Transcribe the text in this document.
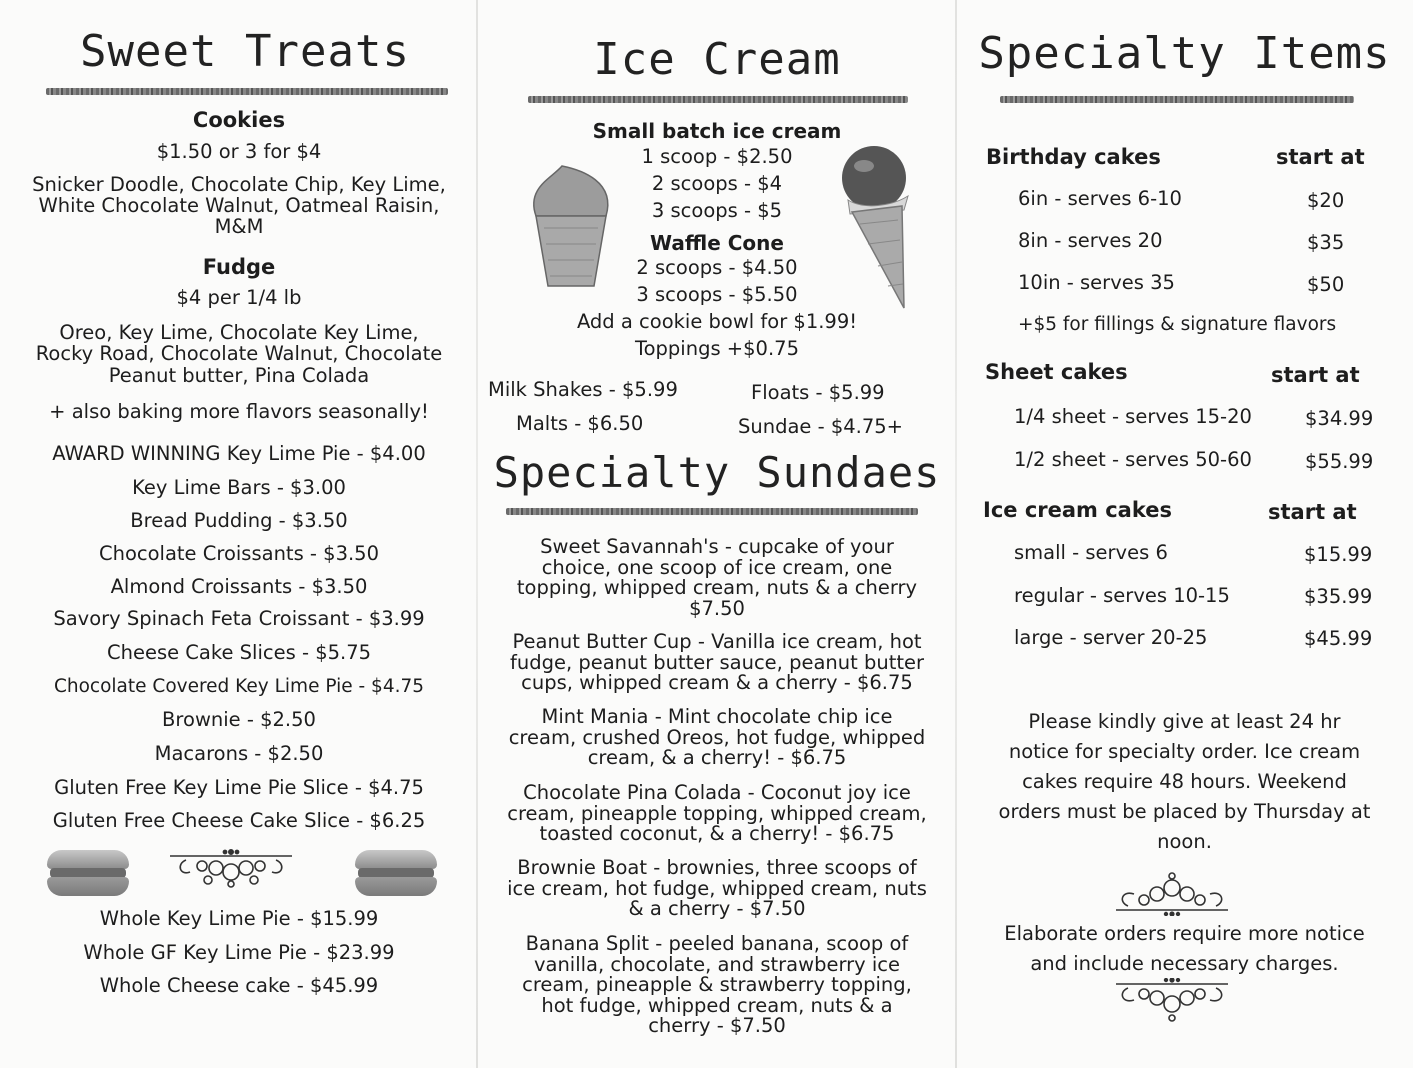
Sweet Treats
Cookies
$1.50 or 3 for $4
Snicker Doodle, Chocolate Chip, Key Lime,
White Chocolate Walnut, Oatmeal Raisin,
M&M
Fudge
$4 per 1/4 lb
Oreo, Key Lime, Chocolate Key Lime,
Rocky Road, Chocolate Walnut, Chocolate
Peanut butter, Pina Colada
+ also baking more flavors seasonally!
AWARD WINNING Key Lime Pie - $4.00
Key Lime Bars - $3.00
Bread Pudding - $3.50
Chocolate Croissants - $3.50
Almond Croissants - $3.50
Savory Spinach Feta Croissant - $3.99
Cheese Cake Slices - $5.75
Chocolate Covered Key Lime Pie - $4.75
Brownie - $2.50
Macarons - $2.50
Gluten Free Key Lime Pie Slice - $4.75
Gluten Free Cheese Cake Slice - $6.25
Whole Key Lime Pie - $15.99
Whole GF Key Lime Pie - $23.99
Whole Cheese cake - $45.99
Ice Cream
Small batch ice cream
1 scoop - $2.50
2 scoops - $4
3 scoops - $5
Waffle Cone
2 scoops - $4.50
3 scoops - $5.50
Add a cookie bowl for $1.99!
Toppings +$0.75
Milk Shakes - $5.99	Floats - $5.99
Malts - $6.50	Sundae - $4.75+
Specialty Sundaes
Sweet Savannah's - cupcake of your
choice, one scoop of ice cream, one
topping, whipped cream, nuts & a cherry
$7.50
Peanut Butter Cup - Vanilla ice cream, hot
fudge, peanut butter sauce, peanut butter
cups, whipped cream & a cherry - $6.75
Mint Mania - Mint chocolate chip ice
cream, crushed Oreos, hot fudge, whipped
cream, & a cherry! - $6.75
Chocolate Pina Colada - Coconut joy ice
cream, pineapple topping, whipped cream,
toasted coconut, & a cherry! - $6.75
Brownie Boat - brownies, three scoops of
ice cream, hot fudge, whipped cream, nuts
& a cherry - $7.50
Banana Split - peeled banana, scoop of
vanilla, chocolate, and strawberry ice
cream, pineapple & strawberry topping,
hot fudge, whipped cream, nuts & a
cherry - $7.50
Specialty Items
Birthday cakes	start at
6in - serves 6-10	$20
8in - serves 20	$35
10in - serves 35	$50
+$5 for fillings & signature flavors
Sheet cakes	start at
1/4 sheet - serves 15-20	$34.99
1/2 sheet - serves 50-60	$55.99
Ice cream cakes	start at
small - serves 6	$15.99
regular - serves 10-15	$35.99
large - server 20-25	$45.99
Please kindly give at least 24 hr
notice for specialty order. Ice cream
cakes require 48 hours. Weekend
orders must be placed by Thursday at
noon.
Elaborate orders require more notice
and include necessary charges.
